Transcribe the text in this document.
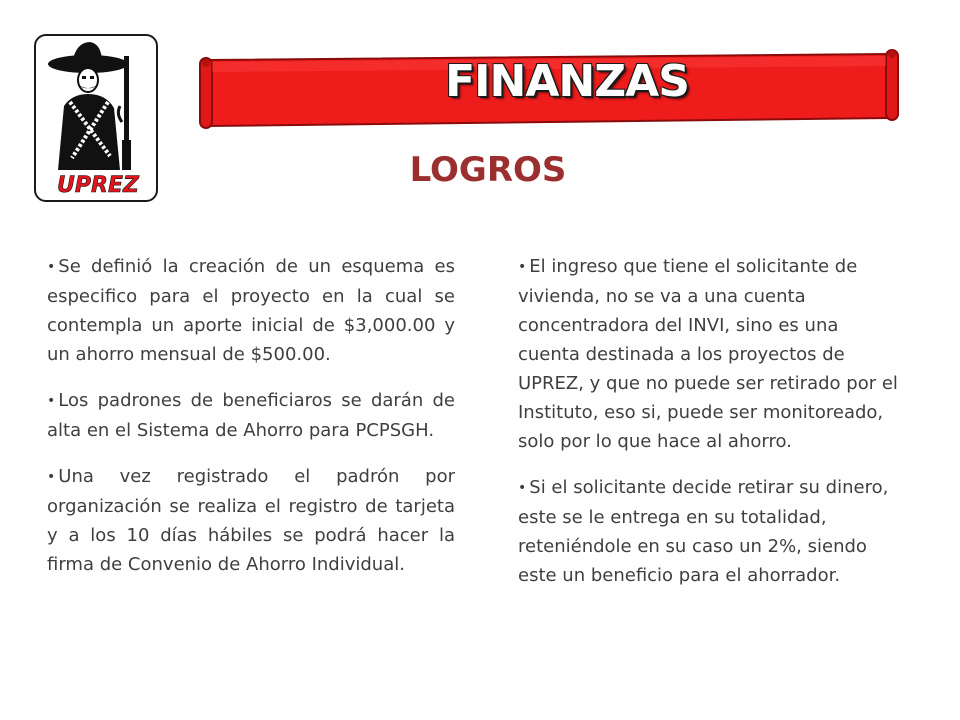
UPREZ
FINANZAS
LOGROS

• Se definió la creación de un esquema es especifico para el proyecto en la cual se contempla un aporte inicial de $3,000.00 y un ahorro mensual de $500.00.

• Los padrones de beneficiaros se darán de alta en el Sistema de Ahorro para PCPSGH.

• Una vez registrado el padrón por organización se realiza el registro de tarjeta y a los 10 días hábiles se podrá hacer la firma de Convenio de Ahorro Individual.

• El ingreso que tiene el solicitante de vivienda, no se va a una cuenta concentradora del INVI, sino es una cuenta destinada a los proyectos de UPREZ, y que no puede ser retirado por el Instituto, eso si, puede ser monitoreado, solo por lo que hace al ahorro.

• Si el solicitante decide retirar su dinero, este se le entrega en su totalidad, reteniéndole en su caso un 2%, siendo este un beneficio para el ahorrador.
